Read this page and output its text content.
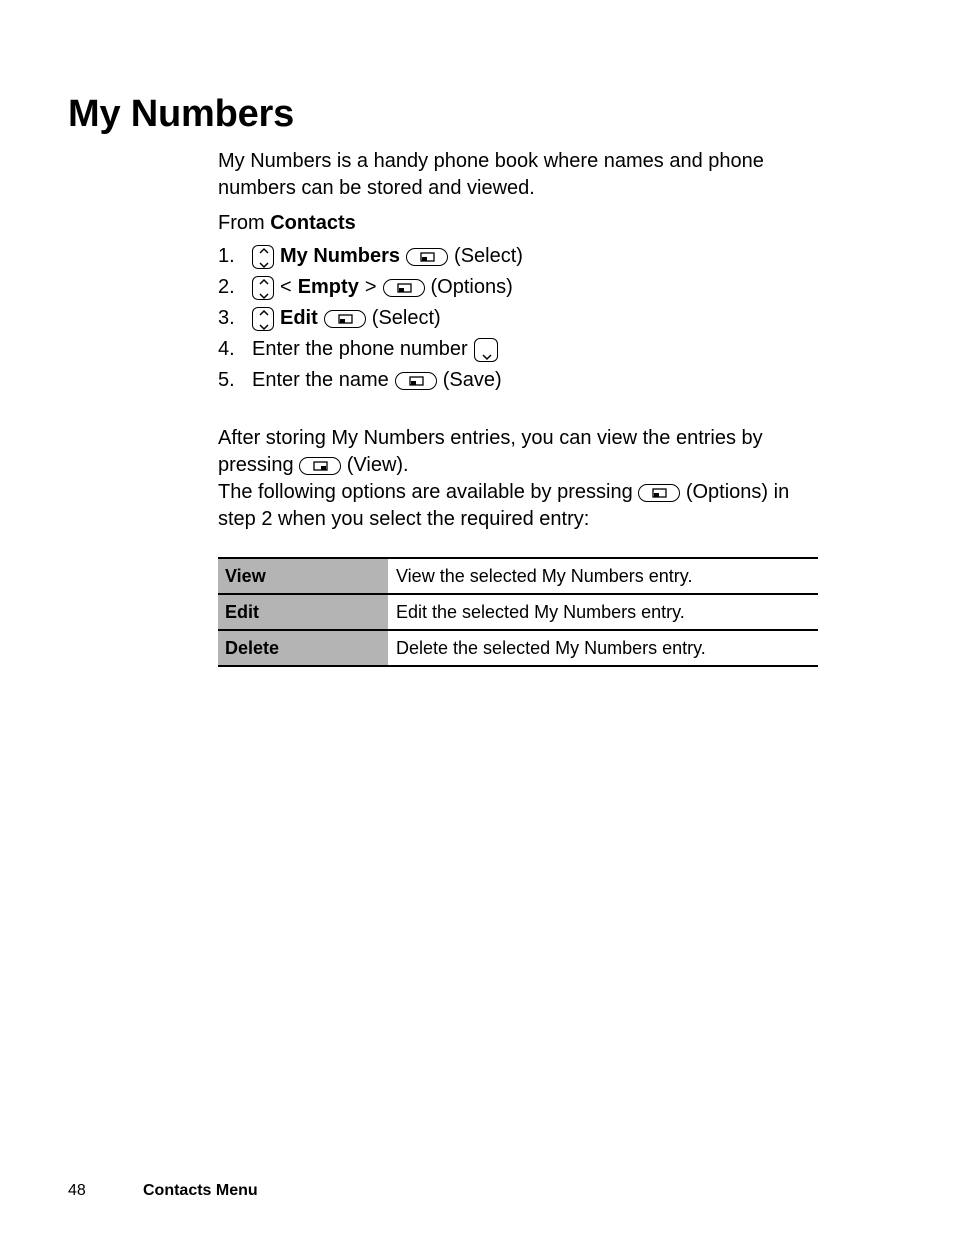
My Numbers

My Numbers is a handy phone book where names and phone numbers can be stored and viewed.

From Contacts

1.	My Numbers	(Select)
2.	< Empty >	(Options)
3.	Edit	(Select)
4. Enter the phone number
5. Enter the name	(Save)

After storing My Numbers entries, you can view the entries by pressing	(View).
The following options are available by pressing	(Options) in step 2 when you select the required entry:

View	View the selected My Numbers entry.
Edit	Edit the selected My Numbers entry.
Delete	Delete the selected My Numbers entry.
48	Contacts Menu
